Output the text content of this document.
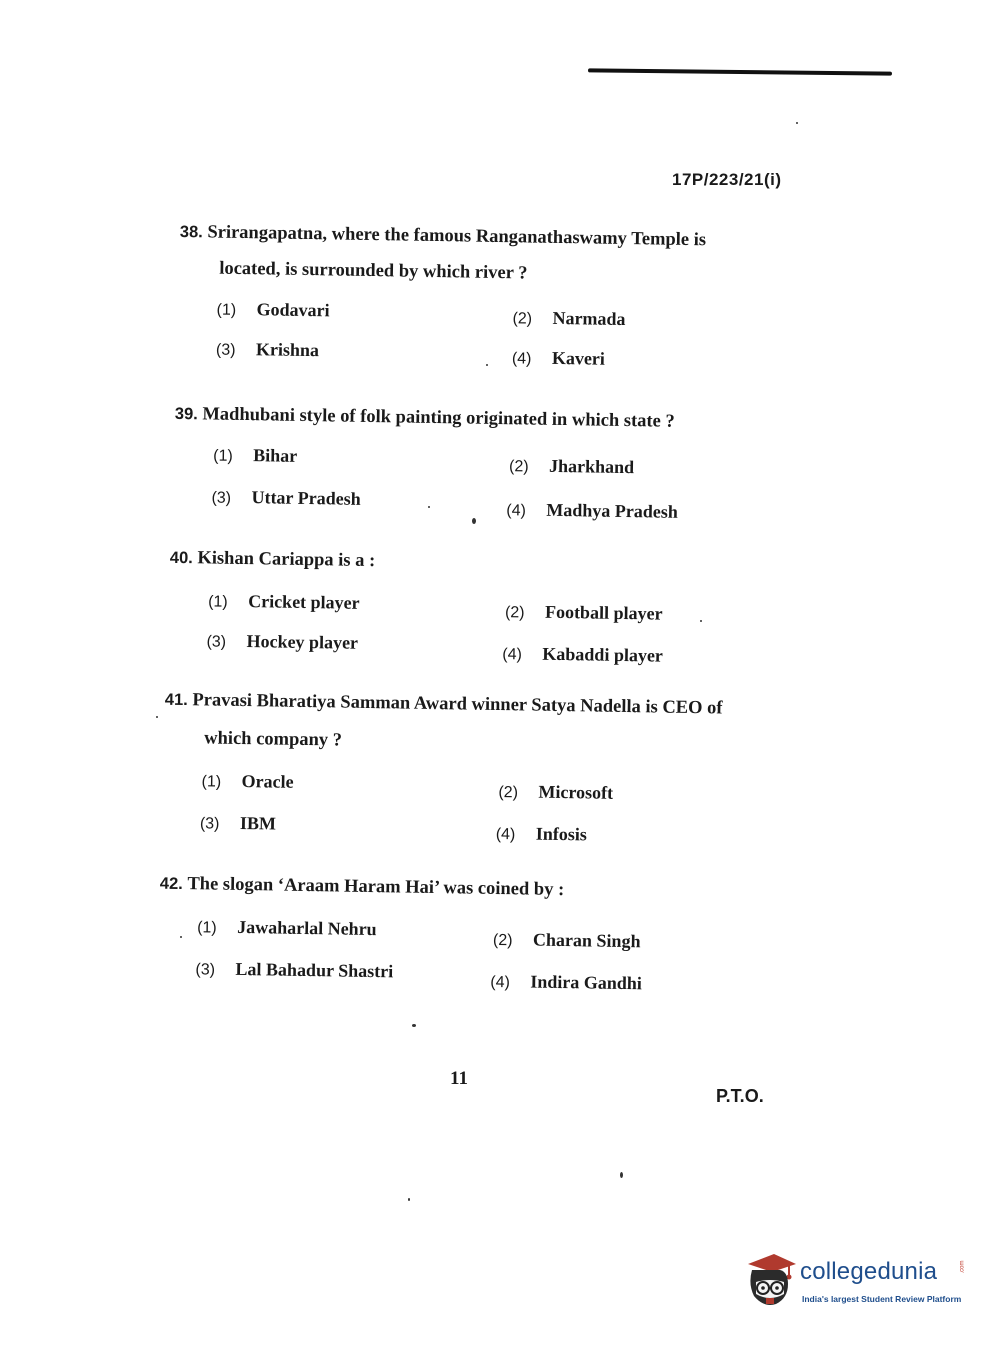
17P/223/21(i)
38. Srirangapatna, where the famous Ranganathaswamy Temple is
located, is surrounded by which river ?
(1) Godavari	(2) Narmada
(3) Krishna	(4) Kaveri
39. Madhubani style of folk painting originated in which state ?
(1) Bihar
(2) Jharkhand
(3) Uttar Pradesh
(4) Madhya Pradesh
40. Kishan Cariappa is a :
(1) Cricket player	(2) Football player
(3) Hockey player
(4) Kabaddi player
41. Pravasi Bharatiya Samman Award winner Satya Nadella is CEO of
which company ?
(1) Oracle
(2) Microsoft
(3) IBM
(4) Infosis
42. The slogan ‘Araam Haram Hai’ was coined by :
(1) Jawaharlal Nehru
(2) Charan Singh
(3) Lal Bahadur Shastri
(4) Indira Gandhi
11
P.T.O.
collegedunia	.com
India's largest Student Review Platform
